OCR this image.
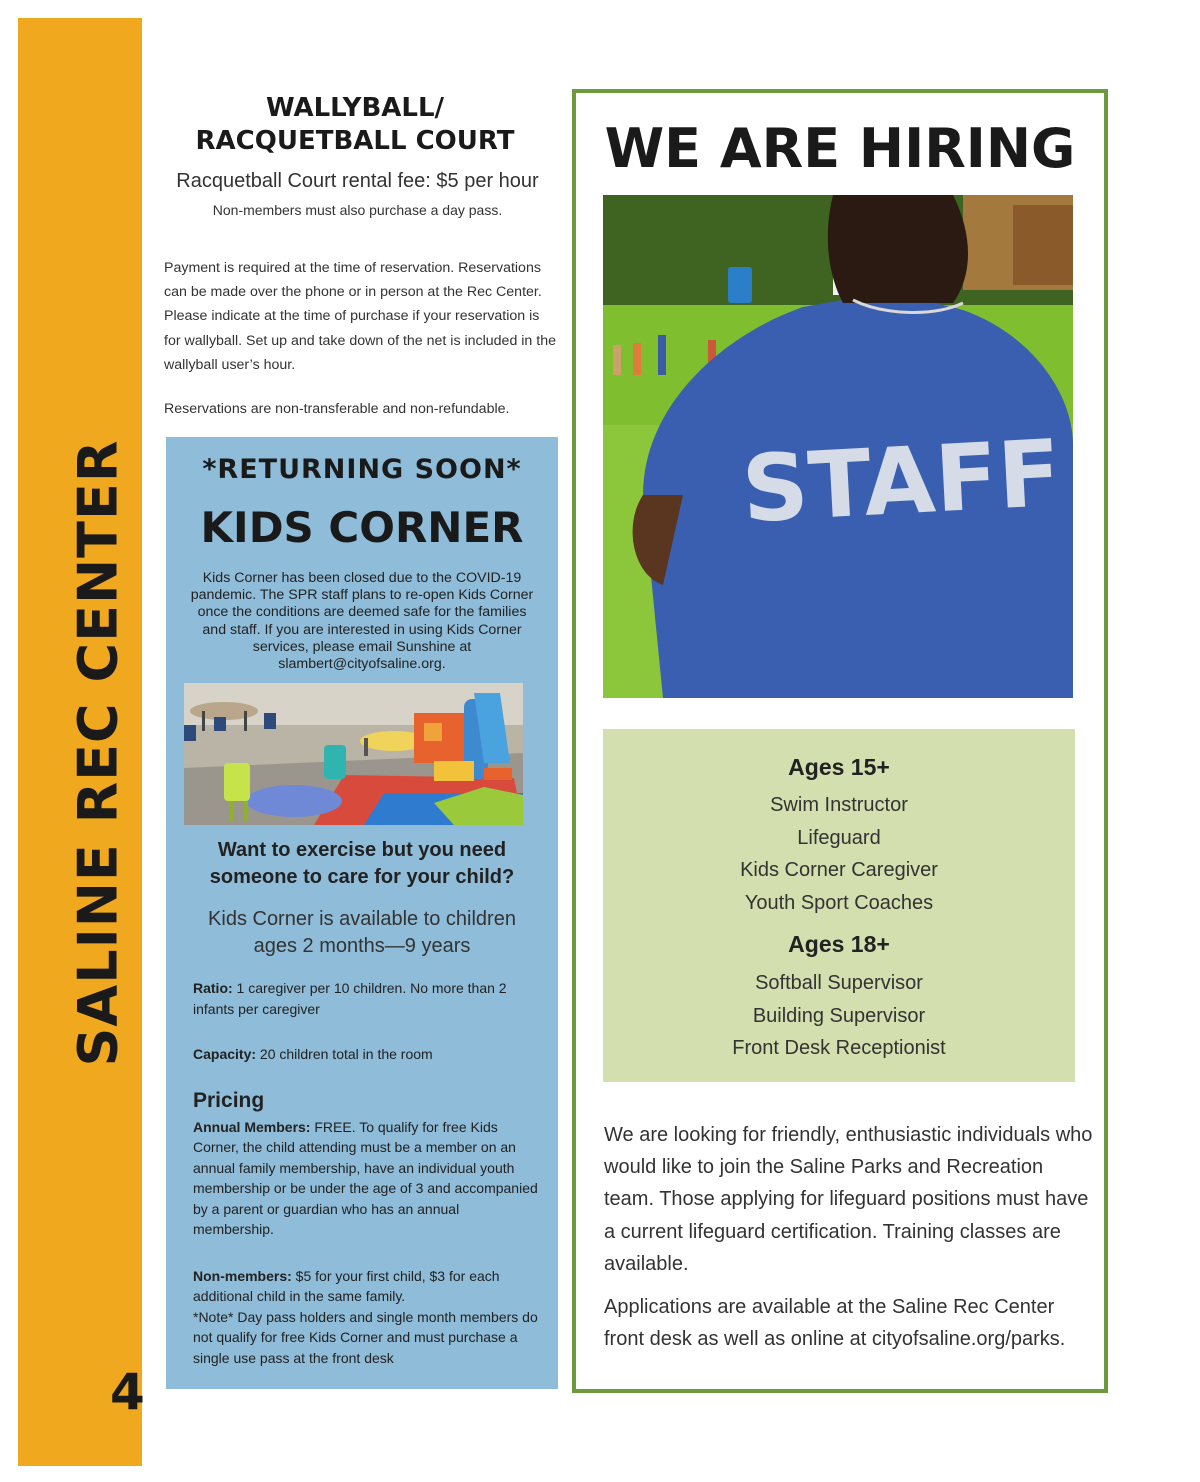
SALINE REC CENTER
4
WALLYBALL/
RACQUETBALL COURT
Racquetball Court rental fee: $5 per hour
Non-members must also purchase a day pass.
Payment is required at the time of reservation. Reservations can be made over the phone or in person at the Rec Center. Please indicate at the time of purchase if your reservation is for wallyball. Set up and take down of the net is included in the wallyball user’s hour.
Reservations are non-transferable and non-refundable.
*RETURNING SOON*
KIDS CORNER
Kids Corner has been closed due to the COVID-19 pandemic. The SPR staff plans to re-open Kids Corner once the conditions are deemed safe for the families and staff. If you are interested in using Kids Corner services, please email Sunshine at slambert@cityofsaline.org.
Want to exercise but you need someone to care for your child?
Kids Corner is available to children ages 2 months—9 years
Ratio: 1 caregiver per 10 children. No more than 2 infants per caregiver
Capacity: 20 children total in the room
Pricing
Annual Members: FREE. To qualify for free Kids Corner, the child attending must be a member on an annual family membership, have an individual youth membership or be under the age of 3 and accompanied by a parent or guardian who has an annual membership.
Non-members: $5 for your first child, $3 for each additional child in the same family.
*Note* Day pass holders and single month members do not qualify for free Kids Corner and must purchase a single use pass at the front desk
WE ARE HIRING
STAFF
Ages 15+
Swim Instructor
Lifeguard
Kids Corner Caregiver
Youth Sport Coaches
Ages 18+
Softball Supervisor
Building Supervisor
Front Desk Receptionist
We are looking for friendly, enthusiastic individuals who would like to join the Saline Parks and Recreation team. Those applying for lifeguard positions must have a current lifeguard certification. Training classes are available.
Applications are available at the Saline Rec Center front desk as well as online at cityofsaline.org/parks.
